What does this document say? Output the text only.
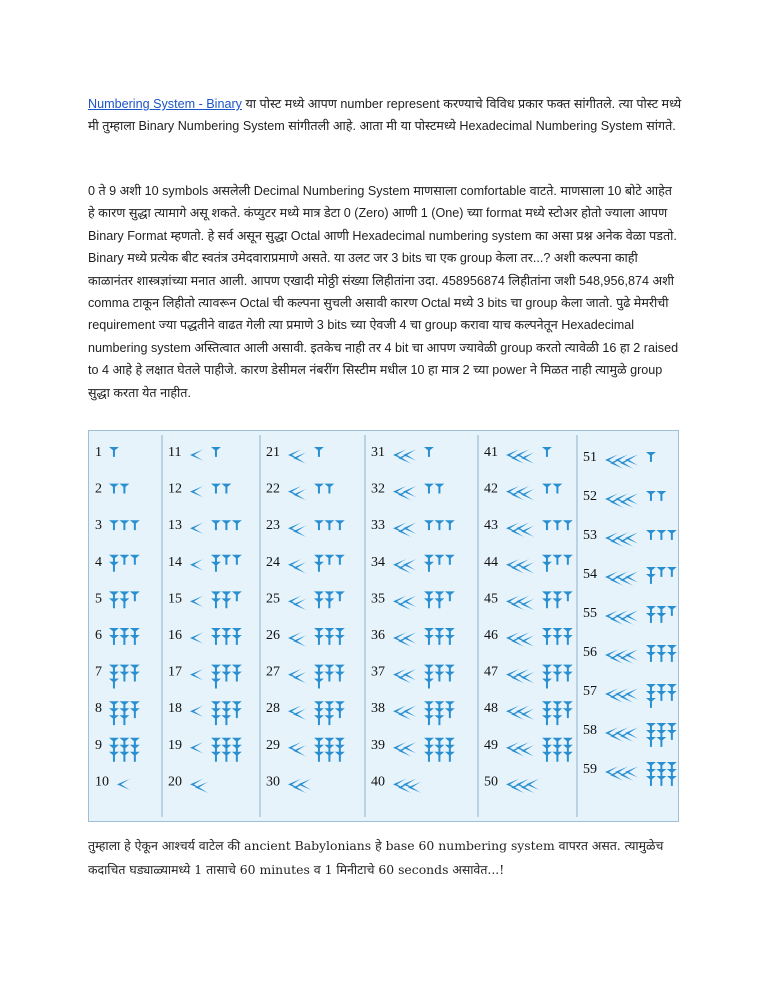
Numbering System - Binary या पोस्ट मध्ये आपण number represent करण्याचे विविध प्रकार फक्त सांगीतले. त्या पोस्ट मध्ये मी तुम्हाला Binary Numbering System सांगीतली आहे. आता मी या पोस्टमध्ये Hexadecimal Numbering System सांगते.

0 ते 9 अशी 10 symbols असलेली Decimal Numbering System माणसाला comfortable वाटते. माणसाला 10 बोटे आहेत हे कारण सुद्धा त्यामागे असू शकते. कंप्युटर मध्ये मात्र डेटा 0 (Zero) आणी 1 (One) च्या format मध्ये स्टोअर होतो ज्याला आपण Binary Format म्हणतो. हे सर्व असून सुद्धा Octal आणी Hexadecimal numbering system का असा प्रश्न अनेक वेळा पडतो. Binary मध्ये प्रत्येक बीट स्वतंत्र उमेदवाराप्रमाणे असते. या उलट जर 3 bits चा एक group केला तर...? अशी कल्पना काही काळानंतर शास्त्रज्ञांच्या मनात आली. आपण एखादी मोठ्ठी संख्या लिहीतांना उदा. 458956874 लिहीतांना जशी 548,956,874 अशी comma टाकून लिहीतो त्यावरून Octal ची कल्पना सुचली असावी कारण Octal मध्ये 3 bits चा group केला जातो. पुढे मेमरीची requirement ज्या पद्धतीने वाढत गेली त्या प्रमाणे 3 bits च्या ऐवजी 4 चा group करावा याच कल्पनेतून Hexadecimal numbering system अस्तित्वात आली असावी. इतकेच नाही तर 4 bit चा आपण ज्यावेळी group करतो त्यावेळी 16 हा 2 raised to 4 आहे हे लक्षात घेतले पाहीजे. कारण डेसीमल नंबरींग सिस्टीम मधील 10 हा मात्र 2 च्या power ने मिळत नाही त्यामुळे group सुद्धा करता येत नाहीत.

1
2
3
4
5
6
7
8
9
10
11
12
13
14
15
16
17
18
19
20
21
22
23
24
25
26
27
28
29
30
31
32
33
34
35
36
37
38
39
40
41
42
43
44
45
46
47
48
49
50
51
52
53
54
55
56
57
58
59

तुम्हाला हे ऐकून आश्चर्य वाटेल की ancient Babylonians हे base 60 numbering system वापरत असत. त्यामुळेच कदाचित घड्याळ्यामध्ये 1 तासाचे 60 minutes व 1 मिनीटाचे 60 seconds असावेत...!
